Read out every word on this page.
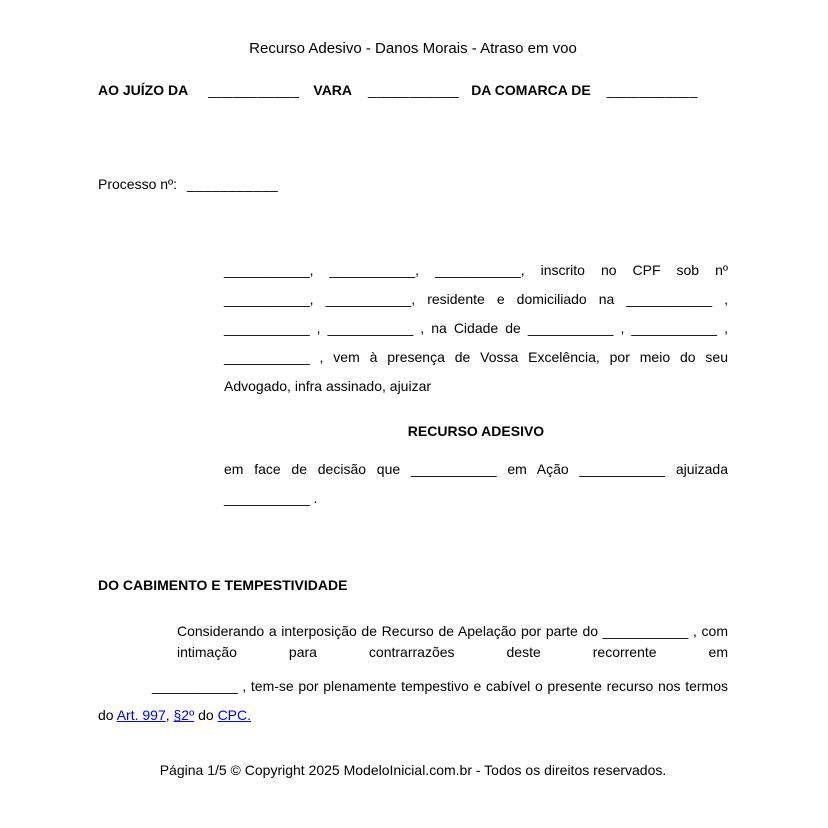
Recurso Adesivo - Danos Morais - Atraso em voo
AO JUÍZO DA ___________ VARA ___________ DA COMARCA DE ___________
Processo nº: ___________
___________, ___________, ___________, inscrito no CPF sob nº ___________, ___________, residente e domiciliado na ___________ , ___________ , ___________ , na Cidade de ___________ , ___________ , ___________ , vem à presença de Vossa Excelência, por meio do seu Advogado, infra assinado, ajuizar
RECURSO ADESIVO
em face de decisão que ___________ em Ação ___________ ajuizada ___________ .
DO CABIMENTO E TEMPESTIVIDADE
Considerando a interposição de Recurso de Apelação por parte do ___________ , com intimação para contrarrazões deste recorrente em
___________ , tem-se por plenamente tempestivo e cabível o presente recurso nos termos do Art. 997, §2º do CPC.
Página 1/5 © Copyright 2025 ModeloInicial.com.br - Todos os direitos reservados.
